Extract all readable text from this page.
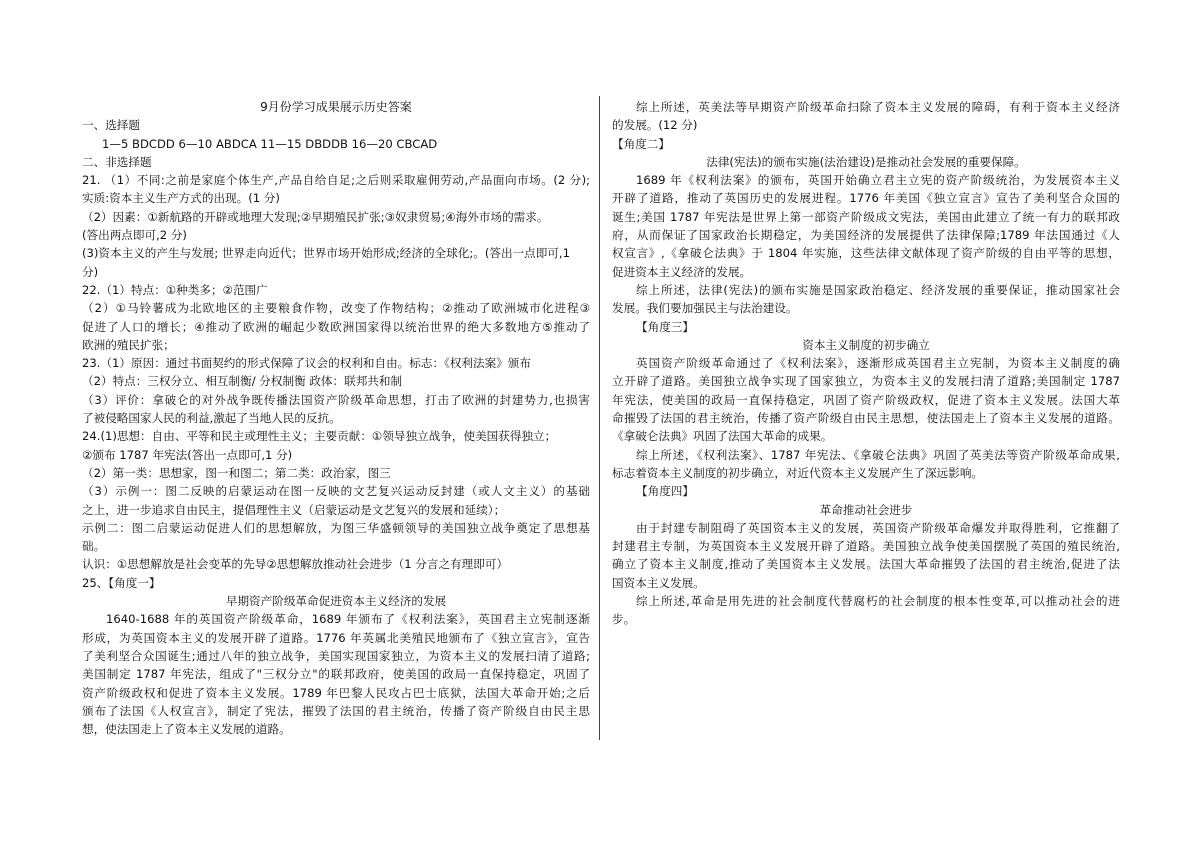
9月份学习成果展示历史答案
一、选择题
1—5 BDCDD 6—10 ABDCA 11—15 DBDDB 16—20 CBCAD
二、非选择题
21. （1）不同:之前是家庭个体生产,产品自给自足;之后则采取雇佣劳动,产品面向市场。(2 分);
实质:资本主义生产方式的出现。(1 分)
（2）因素：①新航路的开辟或地理大发现;②早期殖民扩张;③奴隶贸易;④海外市场的需求。
(答出两点即可,2 分)
(3)资本主义的产生与发展; 世界走向近代；世界市场开始形成;经济的全球化;。(答出一点即可,1
分)
22.（1）特点：①种类多；②范围广
（2）①马铃薯成为北欧地区的主要粮食作物，改变了作物结构；②推动了欧洲城市化进程③
促进了人口的增长；④推动了欧洲的崛起少数欧洲国家得以统治世界的绝大多数地方⑤推动了
欧洲的殖民扩张；
23.（1）原因：通过书面契约的形式保障了议会的权利和自由。标志：《权利法案》颁布
（2）特点：三权分立、相互制衡/ 分权制衡 政体：联邦共和制
（3）评价：拿破仑的对外战争既传播法国资产阶级革命思想，打击了欧洲的封建势力,也损害
了被侵略国家人民的利益,激起了当地人民的反抗。
24.(1)思想：自由、平等和民主或理性主义；主要贡献：①领导独立战争，使美国获得独立；
②颁布 1787 年宪法(答出一点即可,1 分)
（2）第一类：思想家，图一和图二；第二类：政治家，图三
（3）示例一：图二反映的启蒙运动在图一反映的文艺复兴运动反封建（或人文主义）的基础
之上，进一步追求自由民主，提倡理性主义（启蒙运动是文艺复兴的发展和延续）；
示例二：图二启蒙运动促进人们的思想解放，为图三华盛顿领导的美国独立战争奠定了思想基
础。
认识：①思想解放是社会变革的先导②思想解放推动社会进步（1 分言之有理即可）
25、【角度一】
早期资产阶级革命促进资本主义经济的发展
1640-1688 年的英国资产阶级革命，1689 年颁布了《权利法案》，英国君主立宪制逐渐
形成，为英国资本主义的发展开辟了道路。1776 年英属北美殖民地颁布了《独立宣言》，宣告
了美利坚合众国诞生;通过八年的独立战争，美国实现国家独立，为资本主义的发展扫清了道路;
美国制定 1787 年宪法，组成了"三权分立"的联邦政府，使美国的政局一直保持稳定，巩固了
资产阶级政权和促进了资本主义发展。1789 年巴黎人民攻占巴士底狱，法国大革命开始;之后
颁布了法国《人权宣言》，制定了宪法，摧毁了法国的君主统治，传播了资产阶级自由民主思
想，使法国走上了资本主义发展的道路。
综上所述，英美法等早期资产阶级革命扫除了资本主义发展的障碍，有利于资本主义经济
的发展。(12 分)
【角度二】
法律(宪法)的颁布实施(法治建设)是推动社会发展的重要保障。
1689 年《权利法案》的颁布，英国开始确立君主立宪的资产阶级统治，为发展资本主义
开辟了道路，推动了英国历史的发展进程。1776 年美国《独立宣言》宣告了美利坚合众国的
诞生;美国 1787 年宪法是世界上第一部资产阶级成文宪法，美国由此建立了统一有力的联邦政
府，从而保证了国家政治长期稳定，为美国经济的发展提供了法律保障;1789 年法国通过《人
权宣言》,《拿破仑法典》于 1804 年实施，这些法律文献体现了资产阶级的自由平等的思想，
促进资本主义经济的发展。
综上所述，法律(宪法)的颁布实施是国家政治稳定、经济发展的重要保证，推动国家社会
发展。我们要加强民主与法治建设。
【角度三】
资本主义制度的初步确立
英国资产阶级革命通过了《权利法案》，逐渐形成英国君主立宪制，为资本主义制度的确
立开辟了道路。美国独立战争实现了国家独立，为资本主义的发展扫清了道路;美国制定 1787
年宪法，使美国的政局一直保持稳定，巩固了资产阶级政权，促进了资本主义发展。法国大革
命摧毁了法国的君主统治，传播了资产阶级自由民主思想，使法国走上了资本主义发展的道路。
《拿破仑法典》巩固了法国大革命的成果。
综上所述，《权利法案》、1787 年宪法、《拿破仑法典》巩固了英美法等资产阶级革命成果,
标志着资本主义制度的初步确立，对近代资本主义发展产生了深远影响。
【角度四】
革命推动社会进步
由于封建专制阻碍了英国资本主义的发展，英国资产阶级革命爆发并取得胜利，它推翻了
封建君主专制，为英国资本主义发展开辟了道路。美国独立战争使美国摆脱了英国的殖民统治,
确立了资本主义制度,推动了美国资本主义发展。法国大革命摧毁了法国的君主统治,促进了法
国资本主义发展。
综上所述,革命是用先进的社会制度代替腐朽的社会制度的根本性变革,可以推动社会的进
步。
